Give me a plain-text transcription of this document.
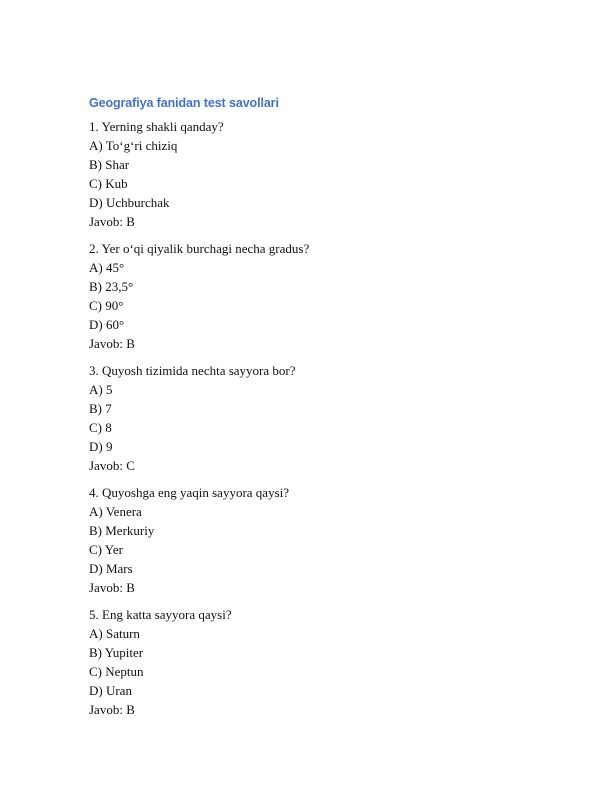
Geografiya fanidan test savollari
1. Yerning shakli qanday?
A) To‘g‘ri chiziq
B) Shar
C) Kub
D) Uchburchak
Javob: B
2. Yer o‘qi qiyalik burchagi necha gradus?
A) 45°
B) 23,5°
C) 90°
D) 60°
Javob: B
3. Quyosh tizimida nechta sayyora bor?
A) 5
B) 7
C) 8
D) 9
Javob: C
4. Quyoshga eng yaqin sayyora qaysi?
A) Venera
B) Merkuriy
C) Yer
D) Mars
Javob: B
5. Eng katta sayyora qaysi?
A) Saturn
B) Yupiter
C) Neptun
D) Uran
Javob: B
